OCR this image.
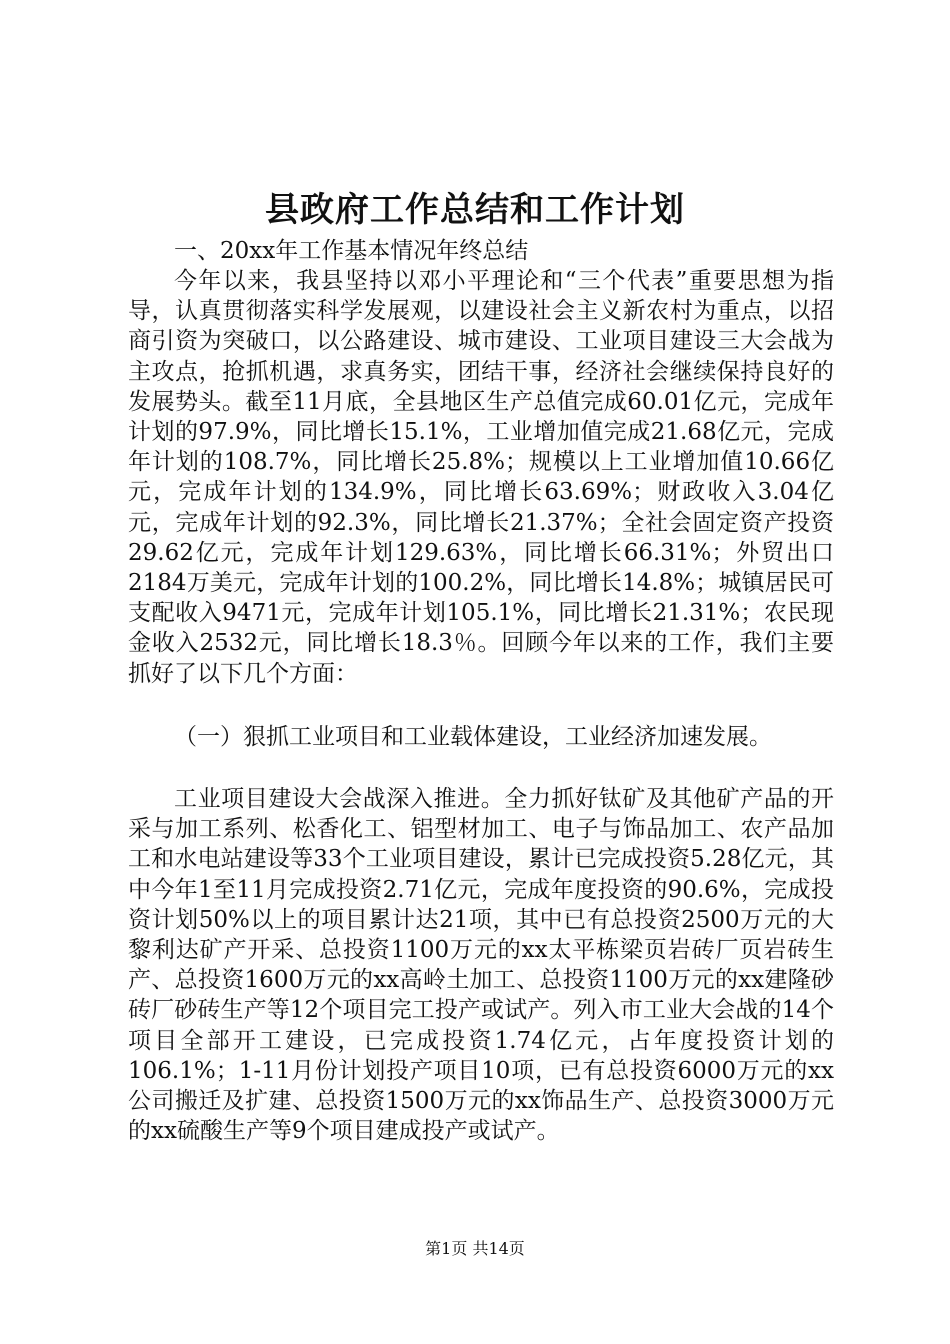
县政府工作总结和工作计划

一、20xx年工作基本情况年终总结

今年以来，我县坚持以邓小平理论和“三个代表”重要思想为指导，认真贯彻落实科学发展观，以建设社会主义新农村为重点，以招商引资为突破口，以公路建设、城市建设、工业项目建设三大会战为主攻点，抢抓机遇，求真务实，团结干事，经济社会继续保持良好的发展势头。截至11月底，全县地区生产总值完成60.01亿元，完成年计划的97.9%，同比增长15.1%，工业增加值完成21.68亿元，完成年计划的108.7%，同比增长25.8%；规模以上工业增加值10.66亿元，完成年计划的134.9%，同比增长63.69%；财政收入3.04亿元，完成年计划的92.3%，同比增长21.37%；全社会固定资产投资29.62亿元，完成年计划129.63%，同比增长66.31%；外贸出口2184万美元，完成年计划的100.2%，同比增长14.8%；城镇居民可支配收入9471元，完成年计划105.1%，同比增长21.31%；农民现金收入2532元，同比增长18.3％。回顾今年以来的工作，我们主要抓好了以下几个方面：

（一）狠抓工业项目和工业载体建设，工业经济加速发展。

工业项目建设大会战深入推进。全力抓好钛矿及其他矿产品的开采与加工系列、松香化工、铝型材加工、电子与饰品加工、农产品加工和水电站建设等33个工业项目建设，累计已完成投资5.28亿元，其中今年1至11月完成投资2.71亿元，完成年度投资的90.6%，完成投资计划50%以上的项目累计达21项，其中已有总投资2500万元的大黎利达矿产开采、总投资1100万元的xx太平栋梁页岩砖厂页岩砖生产、总投资1600万元的xx高岭土加工、总投资1100万元的xx建隆砂砖厂砂砖生产等12个项目完工投产或试产。列入市工业大会战的14个项目全部开工建设，已完成投资1.74亿元，占年度投资计划的106.1%；1-11月份计划投产项目10项，已有总投资6000万元的xx公司搬迁及扩建、总投资1500万元的xx饰品生产、总投资3000万元的xx硫酸生产等9个项目建成投产或试产。

第1页 共14页
